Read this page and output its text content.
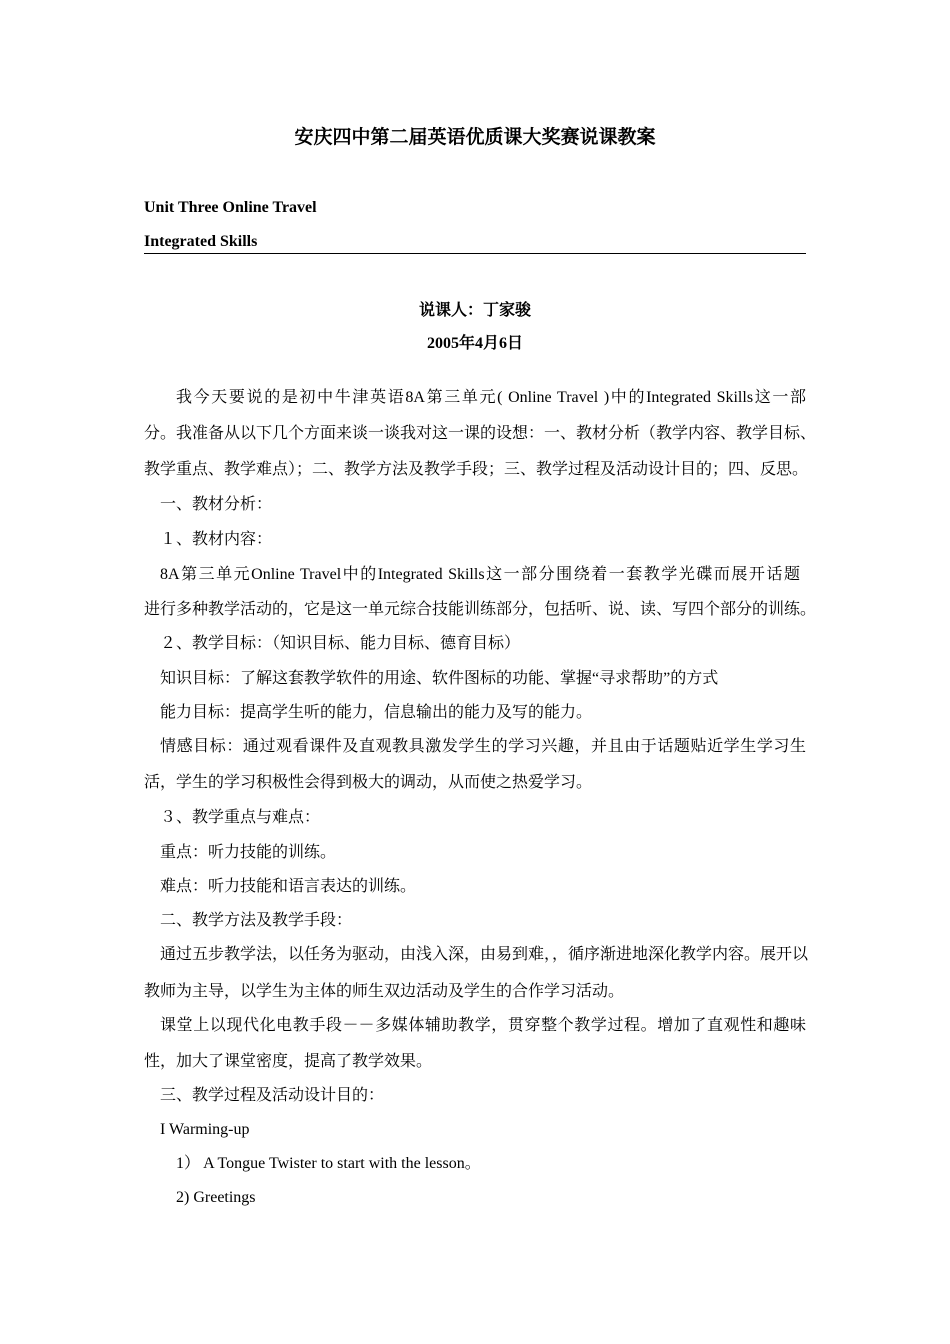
安庆四中第二届英语优质课大奖赛说课教案
Unit Three Online Travel
Integrated Skills
说课人：丁家骏
2005年4月6日
我今天要说的是初中牛津英语8A第三单元( Online Travel )中的Integrated Skills这一部
分。我准备从以下几个方面来谈一谈我对这一课的设想：一、教材分析（教学内容、教学目标、
教学重点、教学难点）；二、教学方法及教学手段；三、教学过程及活动设计目的；四、反思。
一、教材分析：
１、教材内容：
8A第三单元Online Travel中的Integrated Skills这一部分围绕着一套教学光碟而展开话题
进行多种教学活动的，它是这一单元综合技能训练部分，包括听、说、读、写四个部分的训练。
２、教学目标：（知识目标、能力目标、德育目标）
知识目标：了解这套教学软件的用途、软件图标的功能、掌握“寻求帮助”的方式
能力目标：提高学生听的能力，信息输出的能力及写的能力。
情感目标：通过观看课件及直观教具激发学生的学习兴趣，并且由于话题贴近学生学习生
活，学生的学习积极性会得到极大的调动，从而使之热爱学习。
３、教学重点与难点：
重点：听力技能的训练。
难点：听力技能和语言表达的训练。
二、教学方法及教学手段：
通过五步教学法，以任务为驱动，由浅入深，由易到难，，循序渐进地深化教学内容。展开以
教师为主导，以学生为主体的师生双边活动及学生的合作学习活动。
课堂上以现代化电教手段－－多媒体辅助教学，贯穿整个教学过程。增加了直观性和趣味
性，加大了课堂密度，提高了教学效果。
三、教学过程及活动设计目的：
I Warming-up
1） A Tongue Twister to start with the lesson。
2) Greetings
